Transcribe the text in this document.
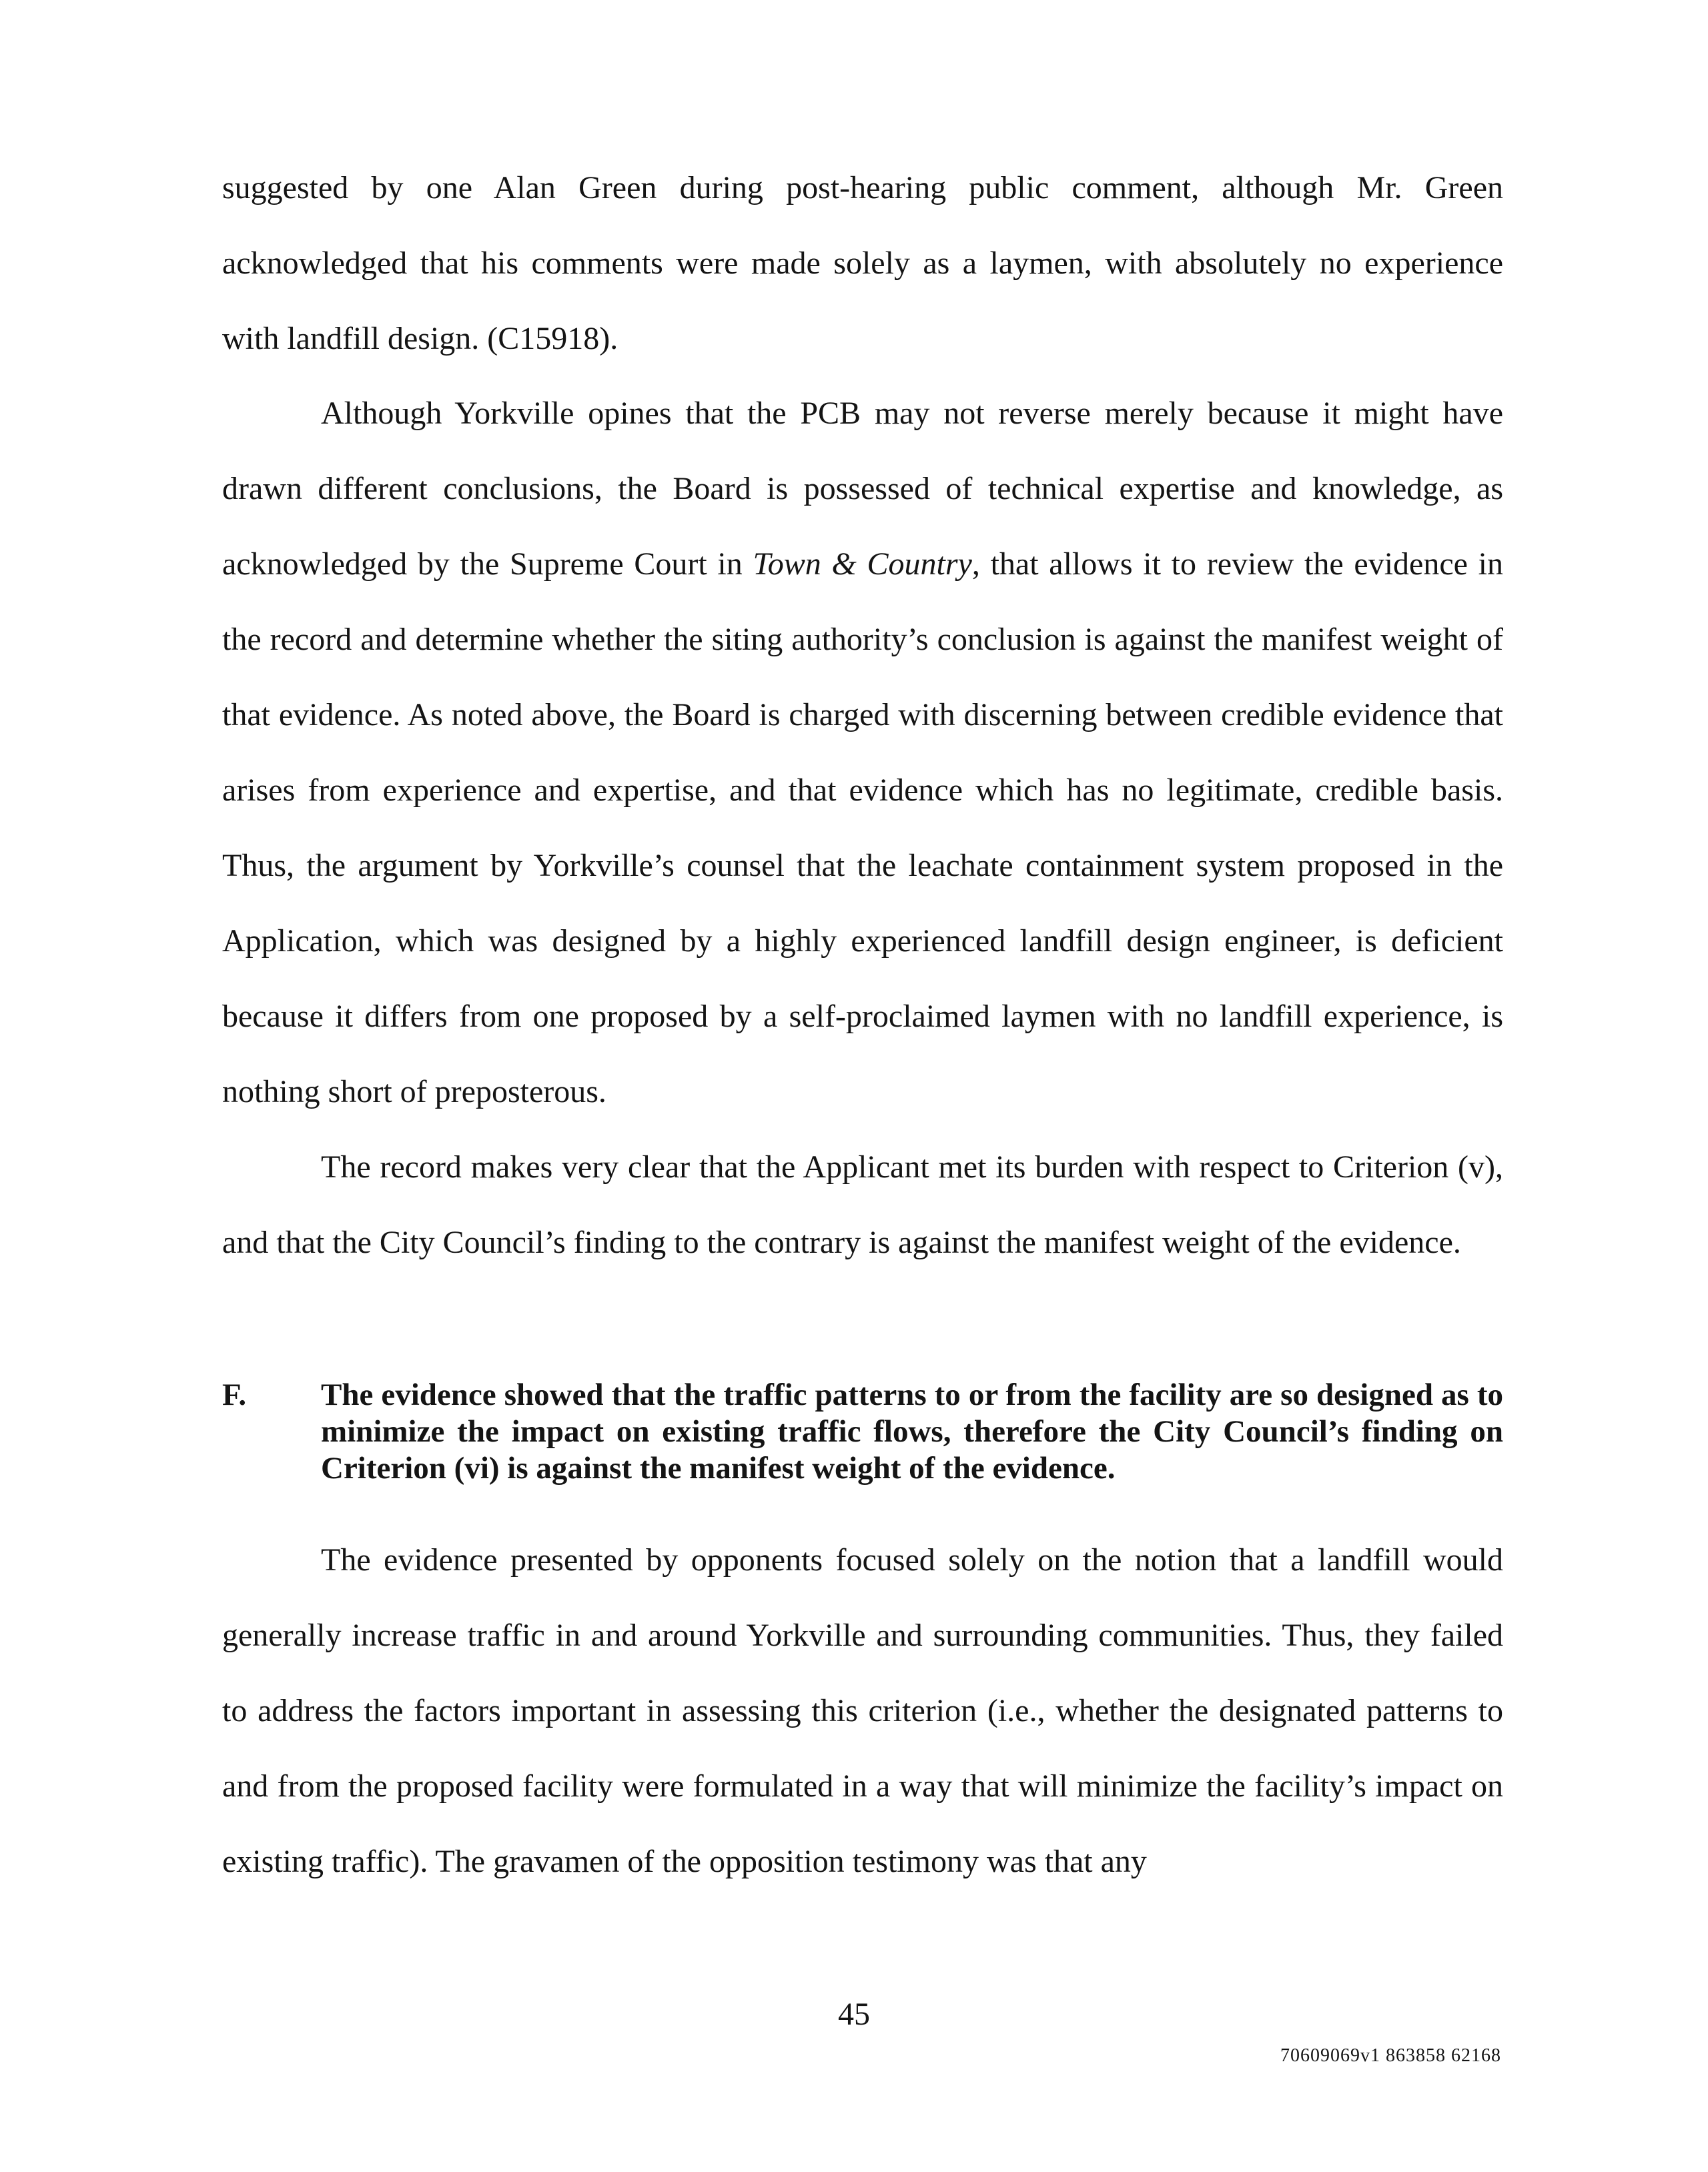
suggested by one Alan Green during post-hearing public comment, although Mr. Green acknowledged that his comments were made solely as a laymen, with absolutely no experience with landfill design. (C15918).

Although Yorkville opines that the PCB may not reverse merely because it might have drawn different conclusions, the Board is possessed of technical expertise and knowledge, as acknowledged by the Supreme Court in Town & Country, that allows it to review the evidence in the record and determine whether the siting authority’s conclusion is against the manifest weight of that evidence. As noted above, the Board is charged with discerning between credible evidence that arises from experience and expertise, and that evidence which has no legitimate, credible basis. Thus, the argument by Yorkville’s counsel that the leachate containment system proposed in the Application, which was designed by a highly experienced landfill design engineer, is deficient because it differs from one proposed by a self-proclaimed laymen with no landfill experience, is nothing short of preposterous.

The record makes very clear that the Applicant met its burden with respect to Criterion (v), and that the City Council’s finding to the contrary is against the manifest weight of the evidence.

F. The evidence showed that the traffic patterns to or from the facility are so designed as to minimize the impact on existing traffic flows, therefore the City Council’s finding on Criterion (vi) is against the manifest weight of the evidence.

The evidence presented by opponents focused solely on the notion that a landfill would generally increase traffic in and around Yorkville and surrounding communities. Thus, they failed to address the factors important in assessing this criterion (i.e., whether the designated patterns to and from the proposed facility were formulated in a way that will minimize the facility’s impact on existing traffic). The gravamen of the opposition testimony was that any

45
70609069v1 863858 62168
